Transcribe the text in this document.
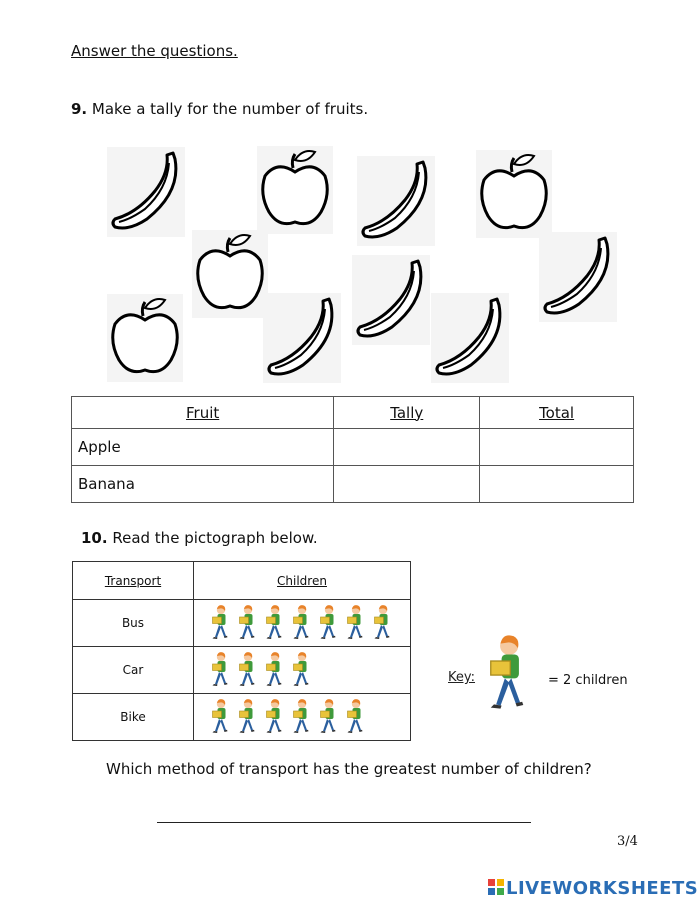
Answer the questions.
9. Make a tally for the number of fruits.
Fruit	Tally	Total
Apple		
Banana		
10. Read the pictograph below.
Transport	Children
Bus	

Car	

Bike	
Key:	= 2 children
Which method of transport has the greatest number of children?
3/4
LIVEWORKSHEETS
